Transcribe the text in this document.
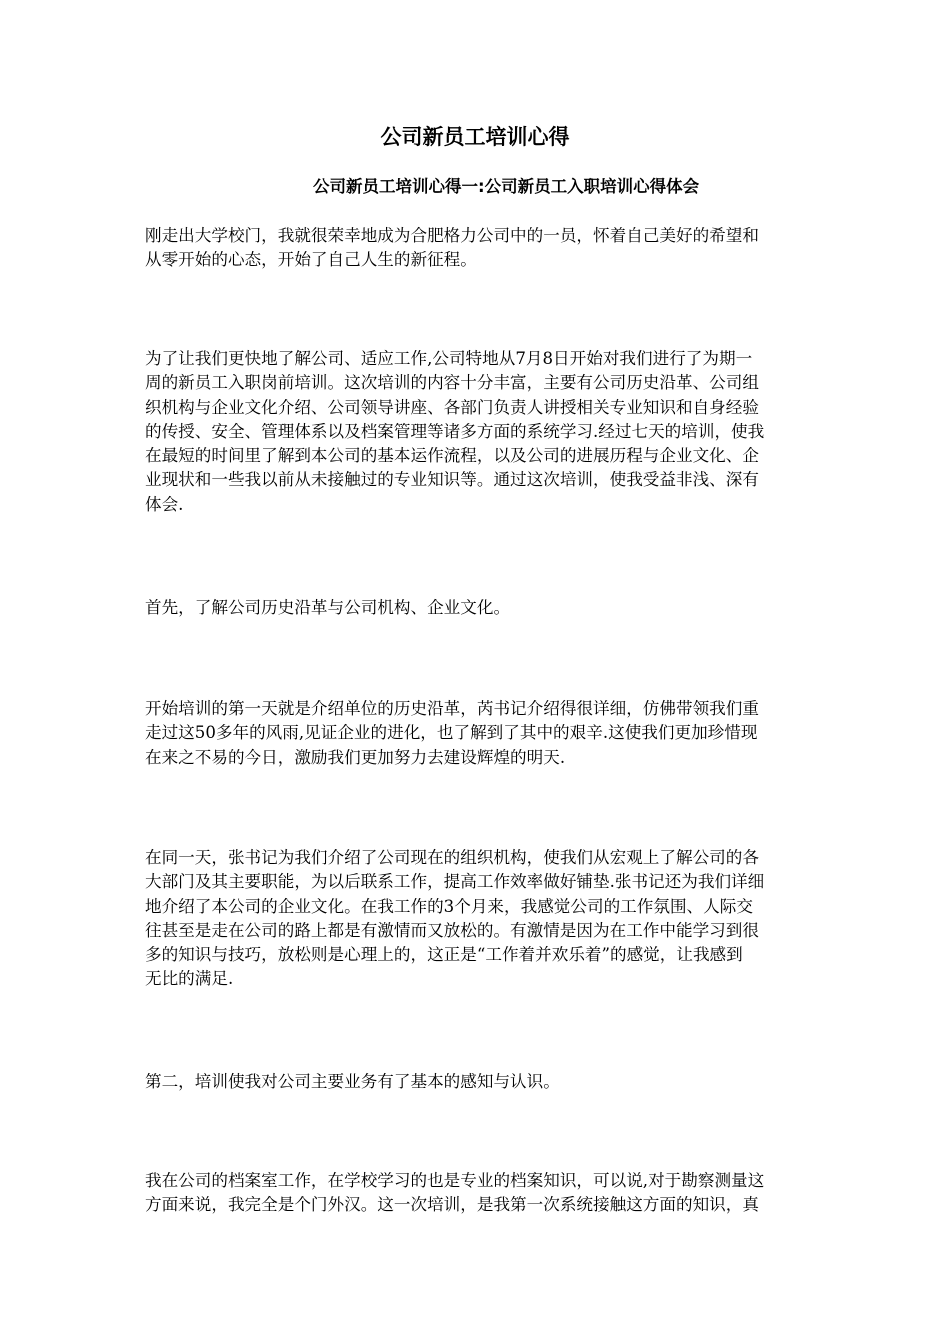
公司新员工培训心得
公司新员工培训心得一:公司新员工入职培训心得体会
刚走出大学校门，我就很荣幸地成为合肥格力公司中的一员，怀着自己美好的希望和
从零开始的心态，开始了自己人生的新征程。
为了让我们更快地了解公司、适应工作,公司特地从7月8日开始对我们进行了为期一
周的新员工入职岗前培训。这次培训的内容十分丰富，主要有公司历史沿革、公司组
织机构与企业文化介绍、公司领导讲座、各部门负责人讲授相关专业知识和自身经验
的传授、安全、管理体系以及档案管理等诸多方面的系统学习.经过七天的培训，使我
在最短的时间里了解到本公司的基本运作流程，以及公司的进展历程与企业文化、企
业现状和一些我以前从未接触过的专业知识等。通过这次培训，使我受益非浅、深有
体会.
首先，了解公司历史沿革与公司机构、企业文化。
开始培训的第一天就是介绍单位的历史沿革，芮书记介绍得很详细，仿佛带领我们重
走过这50多年的风雨,见证企业的进化，也了解到了其中的艰辛.这使我们更加珍惜现
在来之不易的今日，激励我们更加努力去建设辉煌的明天.
在同一天，张书记为我们介绍了公司现在的组织机构，使我们从宏观上了解公司的各
大部门及其主要职能，为以后联系工作，提高工作效率做好铺垫.张书记还为我们详细
地介绍了本公司的企业文化。在我工作的3个月来，我感觉公司的工作氛围、人际交
往甚至是走在公司的路上都是有激情而又放松的。有激情是因为在工作中能学习到很
多的知识与技巧，放松则是心理上的，这正是“工作着并欢乐着”的感觉，让我感到
无比的满足.
第二，培训使我对公司主要业务有了基本的感知与认识。
我在公司的档案室工作，在学校学习的也是专业的档案知识，可以说,对于勘察测量这
方面来说，我完全是个门外汉。这一次培训，是我第一次系统接触这方面的知识，真
